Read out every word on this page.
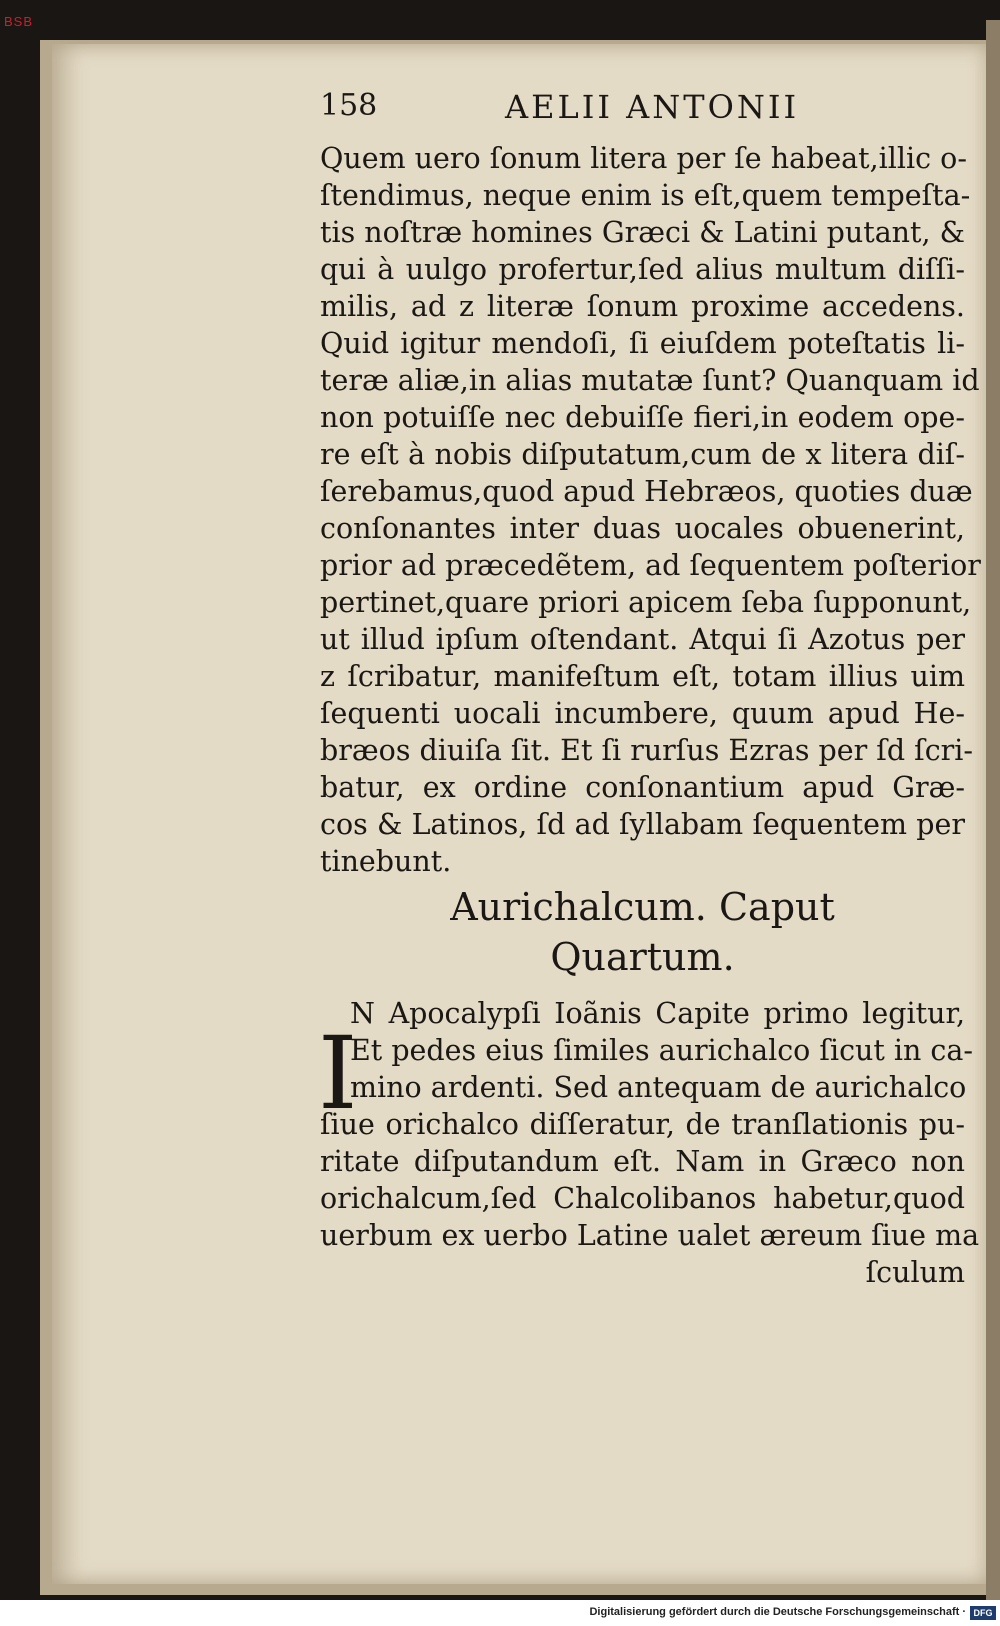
BSB
158	AELII ANTONII
Quem uero ſonum litera per ſe habeat,illic o-
ſtendimus, neque enim is eſt,quem tempeſta-
tis noſtræ homines Græci & Latini putant, &
qui à uulgo profertur,ſed alius multum diſſi-
milis, ad z literæ ſonum proxime accedens.
Quid igitur mendoſi, ſi eiuſdem poteſtatis li-
teræ aliæ,in alias mutatæ ſunt? Quanquam id
non potuiſſe nec debuiſſe fieri,in eodem ope-
re eſt à nobis diſputatum,cum de x litera diſ-
ſerebamus,quod apud Hebræos, quoties duæ
conſonantes inter duas uocales obuenerint,
prior ad præcedẽtem, ad ſequentem poſterior
pertinet,quare priori apicem ſeba ſupponunt,
ut illud ipſum oſtendant. Atqui ſi Azotus per
z ſcribatur, manifeſtum eſt, totam illius uim
ſequenti uocali incumbere, quum apud He-
bræos diuiſa ſit. Et ſi rurſus Ezras per ſd ſcri-
batur, ex ordine conſonantium apud Græ-
cos & Latinos, ſd ad ſyllabam ſequentem per
tinebunt.
Aurichalcum. Caput
Quartum.
I
N Apocalypſi Ioãnis Capite primo legitur,
Et pedes eius ſimiles aurichalco ſicut in ca-
mino ardenti. Sed antequam de aurichalco
ſiue orichalco diſſeratur, de tranſlationis pu-
ritate diſputandum eſt. Nam in Græco non
orichalcum,ſed Chalcolibanos habetur,quod
uerbum ex uerbo Latine ualet æreum ſiue ma
ſculum
Digitalisierung gefördert durch die Deutsche Forschungsgemeinschaft · DFG
